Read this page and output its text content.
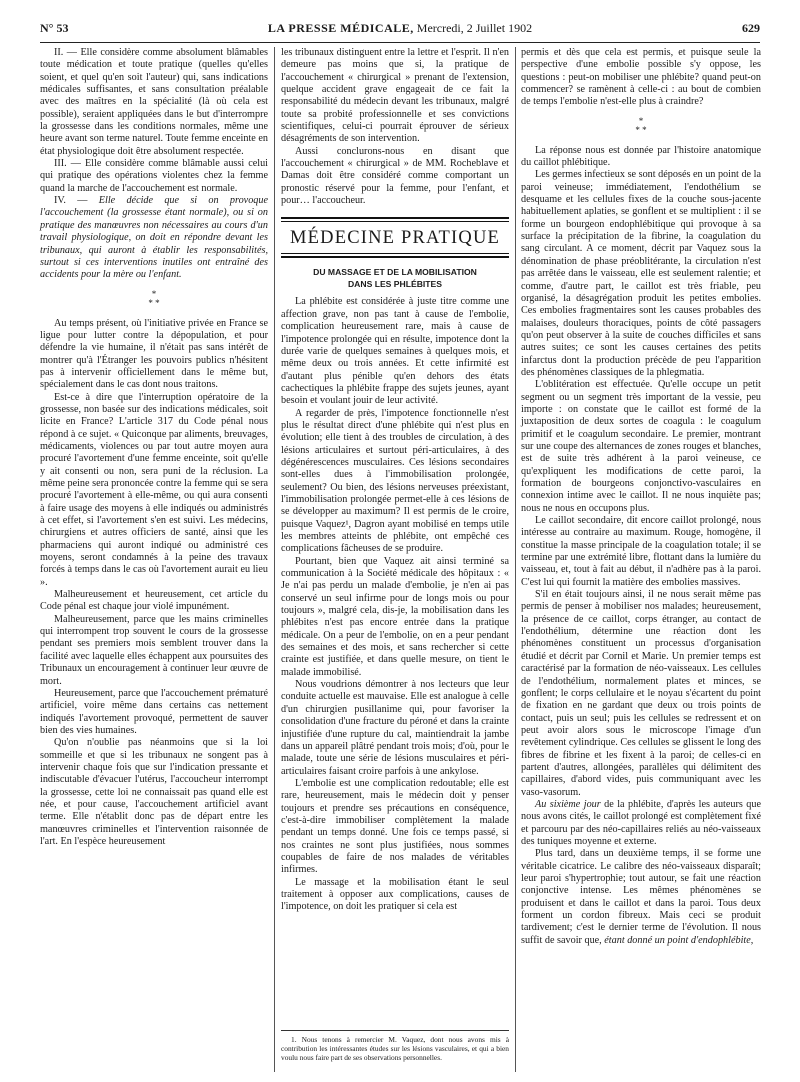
N° 53	LA PRESSE MÉDICALE, Mercredi, 2 Juillet 1902	629

II. — Elle considère comme absolument blâmables toute médication et toute pratique (quelles qu'elles soient, et quel qu'en soit l'auteur) qui, sans indications médicales suffisantes, et sans consultation préalable avec des maîtres en la spécialité (là où cela est possible), seraient appliquées dans le but d'interrompre la grossesse dans les conditions normales, même une heure avant son terme naturel. Toute femme enceinte en état physiologique doit être absolument respectée.

III. — Elle considère comme blâmable aussi celui qui pratique des opérations violentes chez la femme quand la marche de l'accouchement est normale.

IV. — Elle décide que si on provoque l'accouchement (la grossesse étant normale), ou si on pratique des manœuvres non nécessaires au cours d'un travail physiologique, on doit en répondre devant les tribunaux, qui auront à établir les responsabilités, surtout si ces interventions inutiles ont entraîné des accidents pour la mère ou l'enfant.

*
* *

Au temps présent, où l'initiative privée en France se ligue pour lutter contre la dépopulation, et pour défendre la vie humaine, il n'était pas sans intérêt de montrer qu'à l'Étranger les pouvoirs publics n'hésitent pas à intervenir officiellement dans le même but, spécialement dans le cas dont nous traitons.

Est-ce à dire que l'interruption opératoire de la grossesse, non basée sur des indications médicales, soit licite en France? L'article 317 du Code pénal nous répond à ce sujet. « Quiconque par aliments, breuvages, médicaments, violences ou par tout autre moyen aura procuré l'avortement d'une femme enceinte, soit qu'elle y ait consenti ou non, sera puni de la réclusion. La même peine sera prononcée contre la femme qui se sera procuré l'avortement à elle-même, ou qui aura consenti à faire usage des moyens à elle indiqués ou administrés à cet effet, si l'avortement s'en est suivi. Les médecins, chirurgiens et autres officiers de santé, ainsi que les pharmaciens qui auront indiqué ou administré ces moyens, seront condamnés à la peine des travaux forcés à temps dans le cas où l'avortement aurait eu lieu ».

Malheureusement et heureusement, cet article du Code pénal est chaque jour violé impunément.

Malheureusement, parce que les mains criminelles qui interrompent trop souvent le cours de la grossesse pendant ses premiers mois semblent trouver dans la facilité avec laquelle elles échappent aux poursuites des Tribunaux un encouragement à continuer leur œuvre de mort.

Heureusement, parce que l'accouchement prématuré artificiel, voire même dans certains cas nettement indiqués l'avortement provoqué, permettent de sauver bien des vies humaines.

Qu'on n'oublie pas néanmoins que si la loi sommeille et que si les tribunaux ne songent pas à intervenir chaque fois que sur l'indication pressante et indiscutable d'évacuer l'utérus, l'accoucheur interrompt la grossesse, cette loi ne connaissait pas quand elle est née, et pour cause, l'accouchement artificiel avant terme. Elle n'établit donc pas de départ entre les manœuvres criminelles et l'intervention raisonnée de l'art. En l'espèce heureusement

les tribunaux distinguent entre la lettre et l'esprit. Il n'en demeure pas moins que si, la pratique de l'accouchement « chirurgical » prenant de l'extension, quelque accident grave engageait de ce fait la responsabilité du médecin devant les tribunaux, malgré toute sa probité professionnelle et ses convictions scientifiques, celui-ci pourrait éprouver de sérieux désagréments de son intervention.

Aussi conclurons-nous en disant que l'accouchement « chirurgical » de MM. Rocheblave et Damas doit être considéré comme comportant un pronostic réservé pour la femme, pour l'enfant, et pour… l'accoucheur.

MÉDECINE PRATIQUE
DU MASSAGE ET DE LA MOBILISATION
DANS LES PHLÉBITES

La phlébite est considérée à juste titre comme une affection grave, non pas tant à cause de l'embolie, complication heureusement rare, mais à cause de l'impotence prolongée qui en résulte, impotence dont la durée varie de quelques semaines à quelques mois, et même deux ou trois années. Et cette infirmité est d'autant plus pénible qu'en dehors des états cachectiques la phlébite frappe des sujets jeunes, ayant besoin et voulant jouir de leur activité.

A regarder de près, l'impotence fonctionnelle n'est plus le résultat direct d'une phlébite qui n'est plus en évolution; elle tient à des troubles de circulation, à des lésions articulaires et surtout péri-articulaires, à des dégénérescences musculaires. Ces lésions secondaires sont-elles dues à l'immobilisation prolongée, seulement? Ou bien, des lésions nerveuses préexistant, l'immobilisation prolongée permet-elle à ces lésions de se développer au maximum? Il est permis de le croire, puisque Vaquez¹, Dagron ayant mobilisé en temps utile les membres atteints de phlébite, ont empêché ces complications fâcheuses de se produire.

Pourtant, bien que Vaquez ait ainsi terminé sa communication à la Société médicale des hôpitaux : « Je n'ai pas perdu un malade d'embolie, je n'en ai pas conservé un seul infirme pour de longs mois ou pour toujours », malgré cela, dis-je, la mobilisation dans les phlébites n'est pas encore entrée dans la pratique médicale. On a peur de l'embolie, on en a peur pendant des semaines et des mois, et sans rechercher si cette crainte est justifiée, et dans quelle mesure, on tient le malade immobilisé.

Nous voudrions démontrer à nos lecteurs que leur conduite actuelle est mauvaise. Elle est analogue à celle d'un chirurgien pusillanime qui, pour favoriser la consolidation d'une fracture du péroné et dans la crainte injustifiée d'une rupture du cal, maintiendrait la jambe dans un appareil plâtré pendant trois mois; d'où, pour le malade, toute une série de lésions musculaires et péri-articulaires faisant croire parfois à une ankylose.

L'embolie est une complication redoutable; elle est rare, heureusement, mais le médecin doit y penser toujours et prendre ses précautions en conséquence, c'est-à-dire immobiliser complètement la malade pendant un temps donné. Une fois ce temps passé, si nos craintes ne sont plus justifiées, nous sommes coupables de faire de nos malades de véritables infirmes.

Le massage et la mobilisation étant le seul traitement à opposer aux complications, causes de l'impotence, on doit les pratiquer si cela est

1. Nous tenons à remercier M. Vaquez, dont nous avons mis à contribution les intéressantes études sur les lésions vasculaires, et qui a bien voulu nous faire part de ses observations personnelles.

permis et dès que cela est permis, et puisque seule la perspective d'une embolie possible s'y oppose, les questions : peut-on mobiliser une phlébite? quand peut-on commencer? se ramènent à celle-ci : au bout de combien de temps l'embolie n'est-elle plus à craindre?

*
* *

La réponse nous est donnée par l'histoire anatomique du caillot phlébitique.

Les germes infectieux se sont déposés en un point de la paroi veineuse; immédiatement, l'endothélium se desquame et les cellules fixes de la couche sous-jacente habituellement aplaties, se gonflent et se multiplient : il se forme un bourgeon endophlébitique qui provoque à sa surface la précipitation de la fibrine, la coagulation du sang circulant. A ce moment, décrit par Vaquez sous la dénomination de phase préoblitérante, la circulation n'est pas arrêtée dans le vaisseau, elle est seulement ralentie; et comme, d'autre part, le caillot est très friable, peu organisé, la désagrégation produit les petites embolies. Ces embolies fragmentaires sont les causes probables des malaises, douleurs thoraciques, points de côté passagers qu'on peut observer à la suite de couches difficiles et sans autres suites; ce sont les causes certaines des petits infarctus dont la production précède de peu l'apparition des phénomènes classiques de la phlegmatia.

L'oblitération est effectuée. Qu'elle occupe un petit segment ou un segment très important de la vessie, peu importe : on constate que le caillot est formé de la juxtaposition de deux sortes de coagula : le coagulum primitif et le coagulum secondaire. Le premier, montrant sur une coupe des alternances de zones rouges et blanches, est de suite très adhérent à la paroi veineuse, ce qu'expliquent les modifications de cette paroi, la formation de bourgeons conjonctivo-vasculaires en connexion intime avec le caillot. Il ne nous inquiète pas; nous ne nous en occupons plus.

Le caillot secondaire, dit encore caillot prolongé, nous intéresse au contraire au maximum. Rouge, homogène, il constitue la masse principale de la coagulation totale; il se termine par une extrémité libre, flottant dans la lumière du vaisseau, et, tout à fait au début, il n'adhère pas à la paroi. C'est lui qui fournit la matière des embolies massives.

S'il en était toujours ainsi, il ne nous serait même pas permis de penser à mobiliser nos malades; heureusement, la présence de ce caillot, corps étranger, au contact de l'endothélium, détermine une réaction dont les phénomènes constituent un processus d'organisation étudié et décrit par Cornil et Marie. Un premier temps est caractérisé par la formation de néo-vaisseaux. Les cellules de l'endothélium, normalement plates et minces, se gonflent; le corps cellulaire et le noyau s'écartent du point de fixation en ne gardant que deux ou trois points de contact, puis un seul; puis les cellules se redressent et on peut avoir alors sous le microscope l'image d'un revêtement cylindrique. Ces cellules se glissent le long des fibres de fibrine et les fixent à la paroi; de celles-ci en partent d'autres, allongées, parallèles qui délimitent des capillaires, d'abord vides, puis communiquant avec les vaso-vasorum.

Au sixième jour de la phlébite, d'après les auteurs que nous avons cités, le caillot prolongé est complètement fixé et parcouru par des néo-capillaires reliés au néo-vaisseaux des tuniques moyenne et externe.

Plus tard, dans un deuxième temps, il se forme une véritable cicatrice. Le calibre des néo-vaisseaux disparaît; leur paroi s'hypertrophie; tout autour, se fait une réaction conjonctive intense. Les mêmes phénomènes se produisent et dans le caillot et dans la paroi. Tous deux forment un cordon fibreux. Mais ceci se produit tardivement; c'est le dernier terme de l'évolution. Il nous suffit de savoir que, étant donné un point d'endophlébite,
